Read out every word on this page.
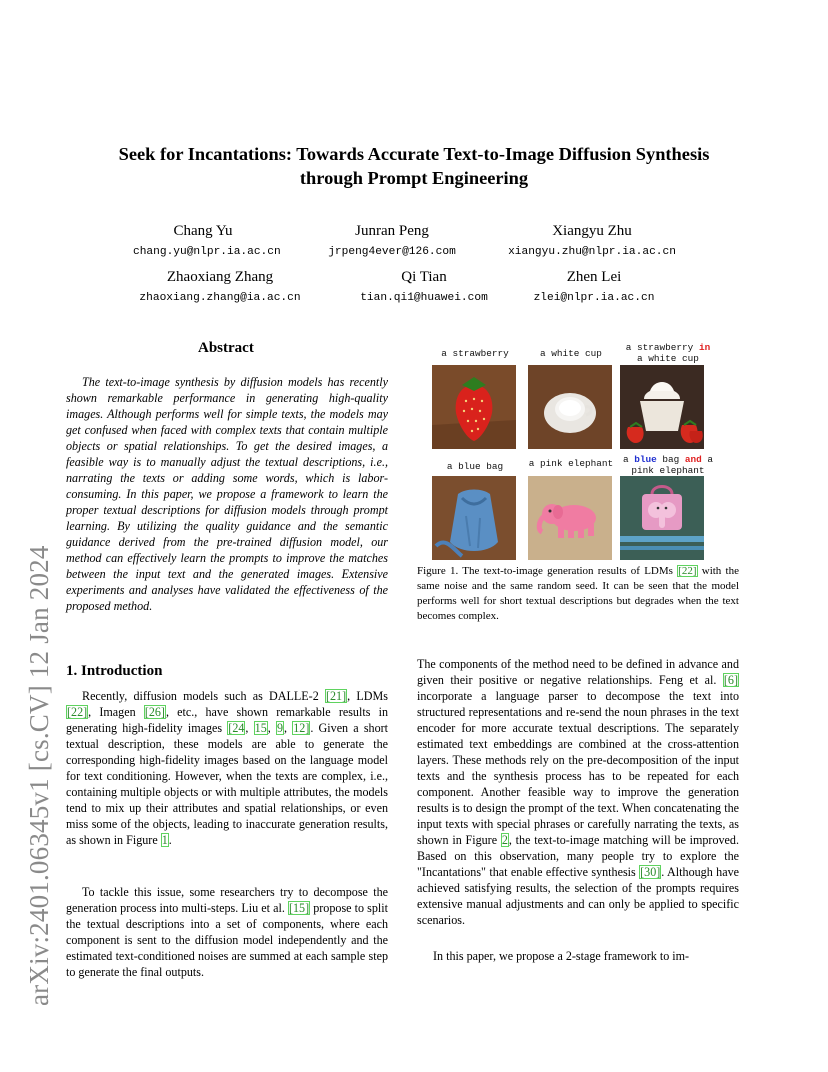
Seek for Incantations: Towards Accurate Text-to-Image Diffusion Synthesis
through Prompt Engineering
Chang Yu
chang.yu@nlpr.ia.ac.cn
Junran Peng
jrpeng4ever@126.com
Xiangyu Zhu
xiangyu.zhu@nlpr.ia.ac.cn
Zhaoxiang Zhang
zhaoxiang.zhang@ia.ac.cn
Qi Tian
tian.qi1@huawei.com
Zhen Lei
zlei@nlpr.ia.ac.cn
arXiv:2401.06345v1 [cs.CV] 12 Jan 2024
Abstract
The text-to-image synthesis by diffusion models has recently shown remarkable performance in generating high-quality images. Although performs well for simple texts, the models may get confused when faced with complex texts that contain multiple objects or spatial relationships. To get the desired images, a feasible way is to manually adjust the textual descriptions, i.e., narrating the texts or adding some words, which is labor-consuming. In this paper, we propose a framework to learn the proper textual descriptions for diffusion models through prompt learning. By utilizing the quality guidance and the semantic guidance derived from the pre-trained diffusion model, our method can effectively learn the prompts to improve the matches between the input text and the generated images. Extensive experiments and analyses have validated the effectiveness of the proposed method.
a strawberry	a white cup
a strawberry in
a white cup
a blue bag	a pink elephant	a blue bag and a
pink elephant
Figure 1. The text-to-image generation results of LDMs [22] with the same noise and the same random seed. It can be seen that the model performs well for short textual descriptions but degrades when the text becomes complex.
1. Introduction
Recently, diffusion models such as DALLE-2 [21], LDMs [22], Imagen [26], etc., have shown remarkable results in generating high-fidelity images [24, 15, 9, 12]. Given a short textual description, these models are able to generate the corresponding high-fidelity images based on the language model for text conditioning. However, when the texts are complex, i.e., containing multiple objects or with multiple attributes, the models tend to mix up their attributes and spatial relationships, or even miss some of the objects, leading to inaccurate generation results, as shown in Figure 1.
To tackle this issue, some researchers try to decompose the generation process into multi-steps. Liu et al. [15] propose to split the textual descriptions into a set of components, where each component is sent to the diffusion model independently and the estimated text-conditioned noises are summed at each sample step to generate the final outputs.
The components of the method need to be defined in advance and given their positive or negative relationships. Feng et al. [6] incorporate a language parser to decompose the text into structured representations and re-send the noun phrases in the text encoder for more accurate textual descriptions. The separately estimated text embeddings are combined at the cross-attention layers. These methods rely on the pre-decomposition of the input texts and the synthesis process has to be repeated for each component. Another feasible way to improve the generation results is to design the prompt of the text. When concatenating the input texts with special phrases or carefully narrating the texts, as shown in Figure 2, the text-to-image matching will be improved. Based on this observation, many people try to explore the "Incantations" that enable effective synthesis [30]. Although have achieved satisfying results, the selection of the prompts requires extensive manual adjustments and can only be applied to specific scenarios.
In this paper, we propose a 2-stage framework to im-
